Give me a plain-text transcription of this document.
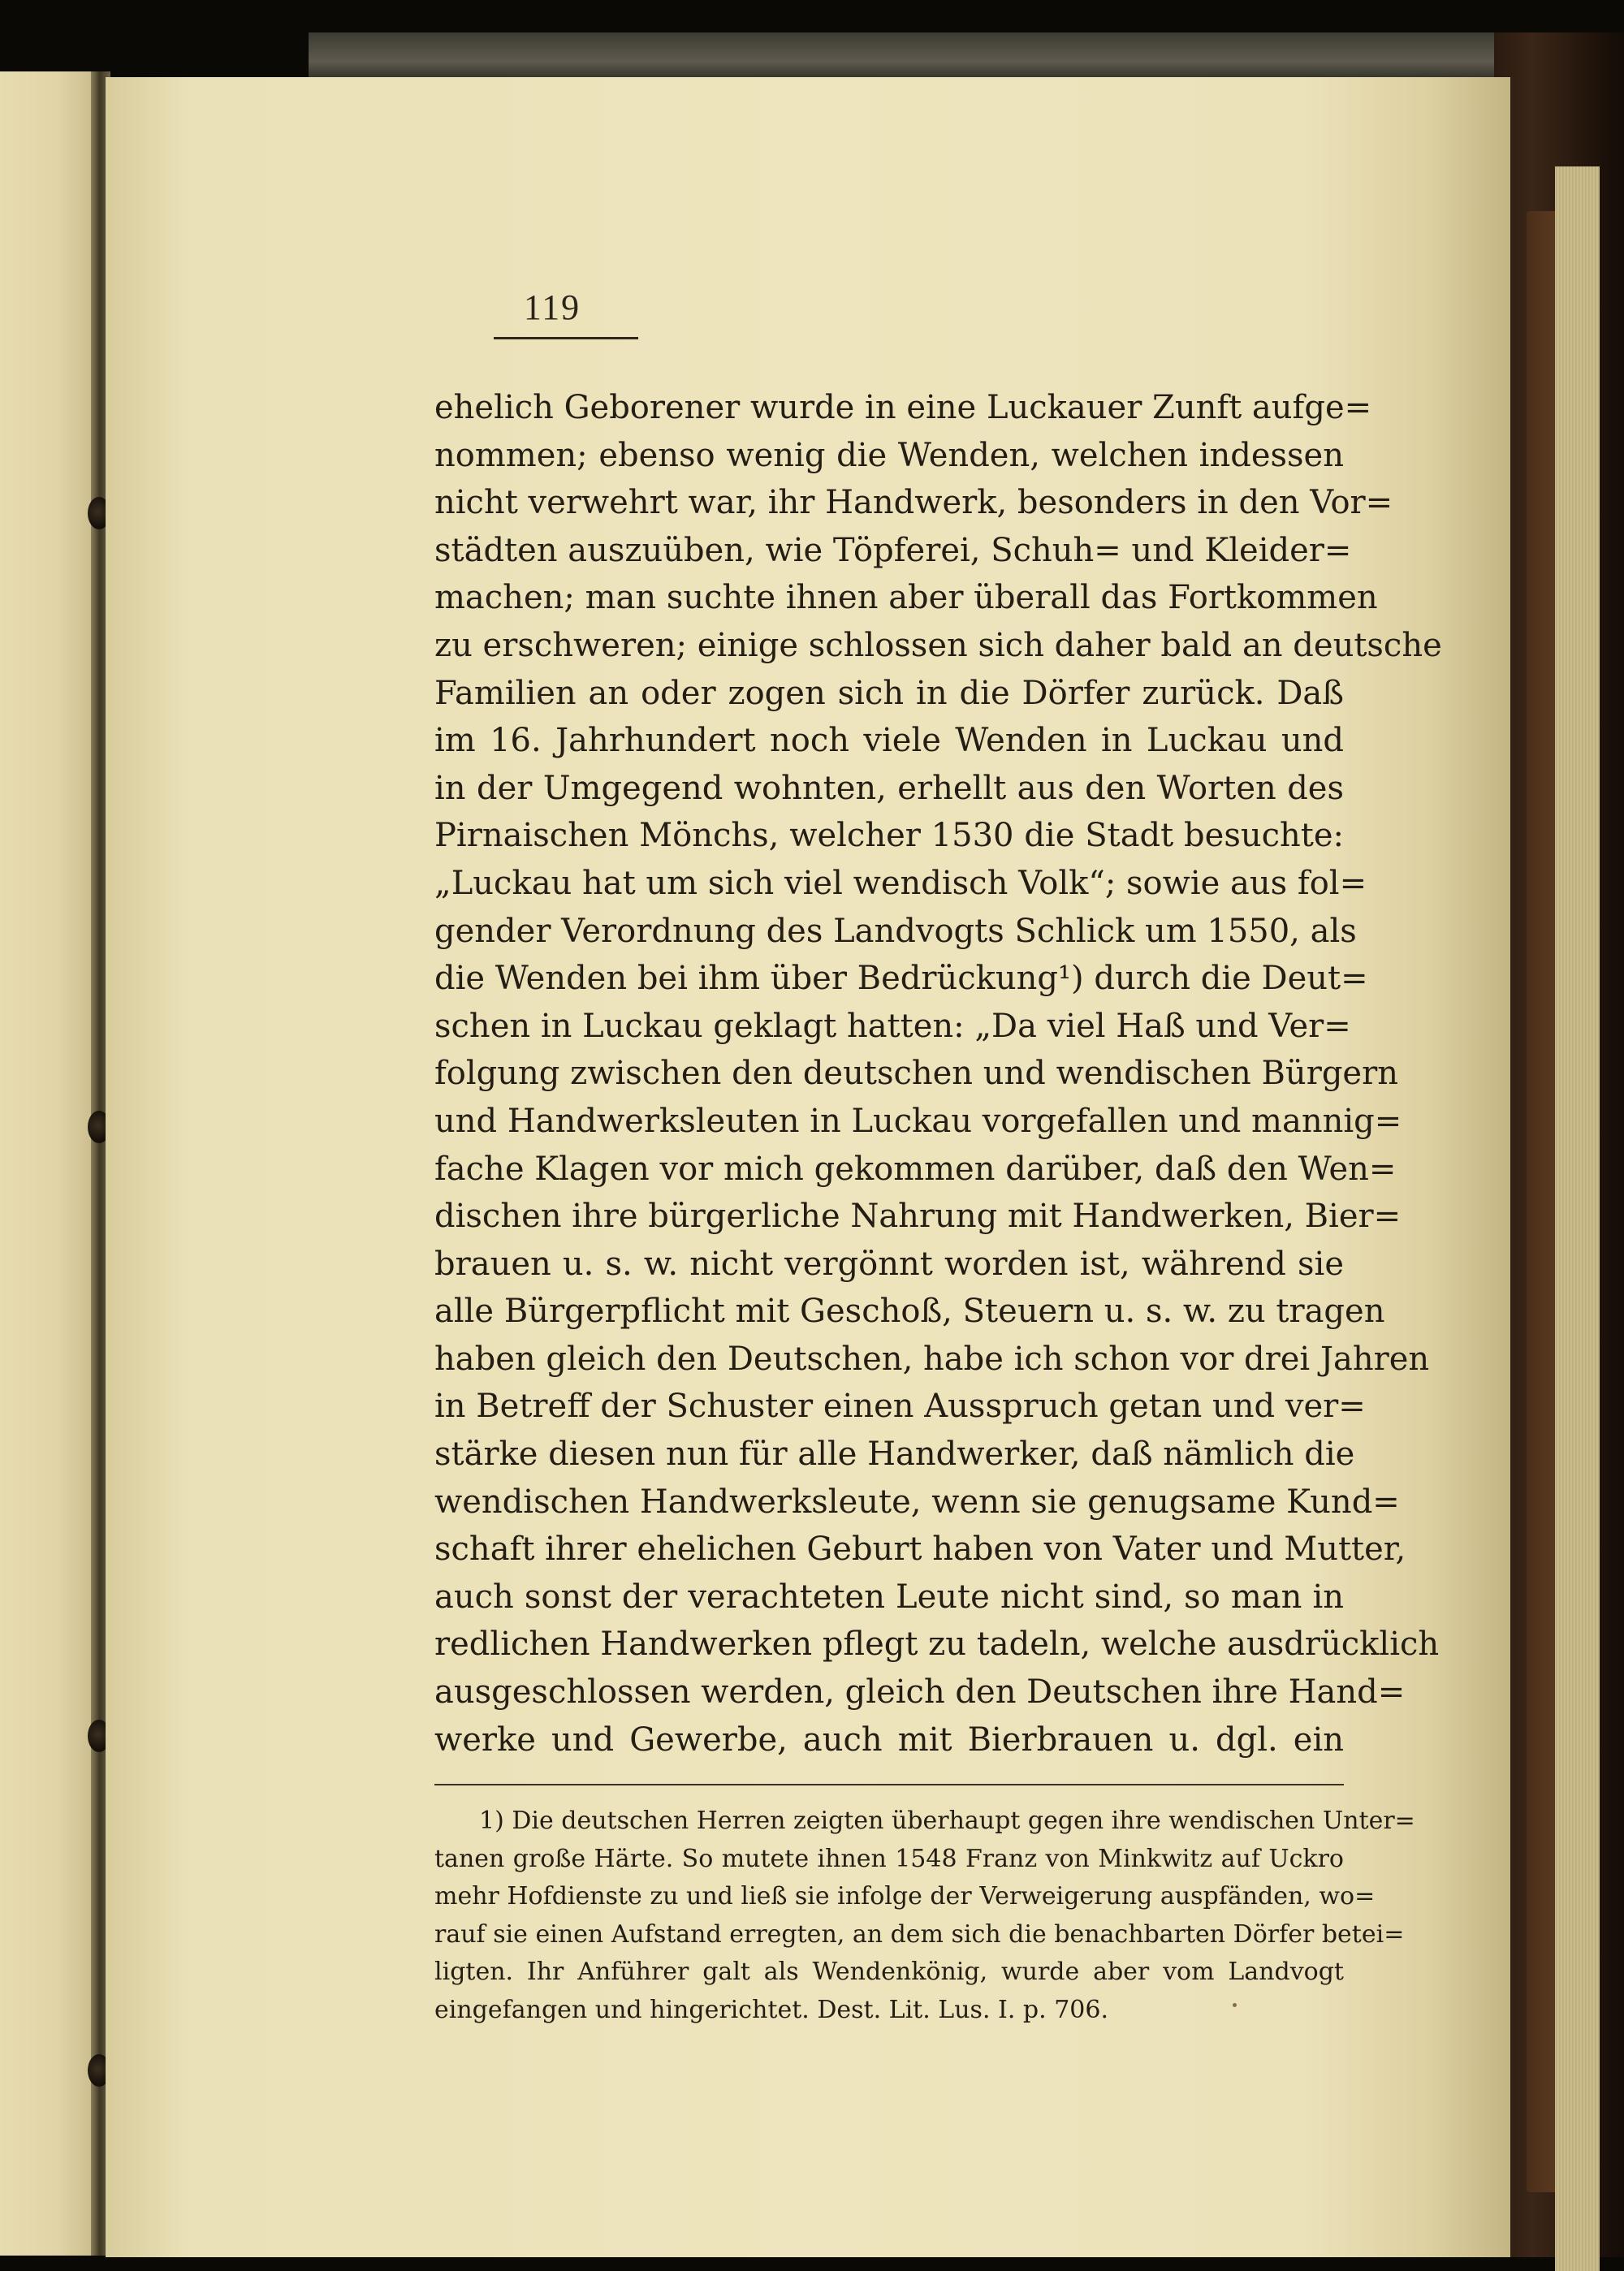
119
ehelich Geborener wurde in eine Luckauer Zunft aufge=
nommen; ebenso wenig die Wenden, welchen indessen
nicht verwehrt war, ihr Handwerk, besonders in den Vor=
städten auszuüben, wie Töpferei, Schuh= und Kleider=
machen; man suchte ihnen aber überall das Fortkommen
zu erschweren; einige schlossen sich daher bald an deutsche
Familien an oder zogen sich in die Dörfer zurück. Daß
im 16. Jahrhundert noch viele Wenden in Luckau und
in der Umgegend wohnten, erhellt aus den Worten des
Pirnaischen Mönchs, welcher 1530 die Stadt besuchte:
„Luckau hat um sich viel wendisch Volk“; sowie aus fol=
gender Verordnung des Landvogts Schlick um 1550, als
die Wenden bei ihm über Bedrückung¹) durch die Deut=
schen in Luckau geklagt hatten: „Da viel Haß und Ver=
folgung zwischen den deutschen und wendischen Bürgern
und Handwerksleuten in Luckau vorgefallen und mannig=
fache Klagen vor mich gekommen darüber, daß den Wen=
dischen ihre bürgerliche Nahrung mit Handwerken, Bier=
brauen u. s. w. nicht vergönnt worden ist, während sie
alle Bürgerpflicht mit Geschoß, Steuern u. s. w. zu tragen
haben gleich den Deutschen, habe ich schon vor drei Jahren
in Betreff der Schuster einen Ausspruch getan und ver=
stärke diesen nun für alle Handwerker, daß nämlich die
wendischen Handwerksleute, wenn sie genugsame Kund=
schaft ihrer ehelichen Geburt haben von Vater und Mutter,
auch sonst der verachteten Leute nicht sind, so man in
redlichen Handwerken pflegt zu tadeln, welche ausdrücklich
ausgeschlossen werden, gleich den Deutschen ihre Hand=
werke und Gewerbe, auch mit Bierbrauen u. dgl. ein
1) Die deutschen Herren zeigten überhaupt gegen ihre wendischen Unter=
tanen große Härte. So mutete ihnen 1548 Franz von Minkwitz auf Uckro
mehr Hofdienste zu und ließ sie infolge der Verweigerung auspfänden, wo=
rauf sie einen Aufstand erregten, an dem sich die benachbarten Dörfer betei=
ligten. Ihr Anführer galt als Wendenkönig, wurde aber vom Landvogt
eingefangen und hingerichtet. Dest. Lit. Lus. I. p. 706.
